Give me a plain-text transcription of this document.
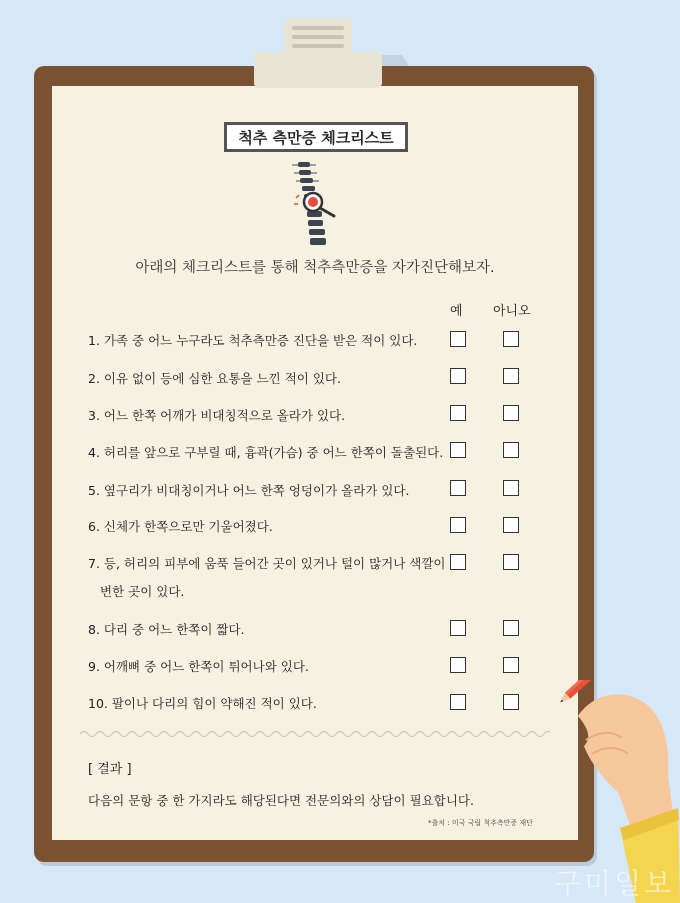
척추 측만증 체크리스트
아래의 체크리스트를 통해 척추측만증을 자가진단해보자.
예 아니오
1. 가족 중 어느 누구라도 척추측만증 진단을 받은 적이 있다.
2. 이유 없이 등에 심한 요통을 느낀 적이 있다.
3. 어느 한쪽 어깨가 비대칭적으로 올라가 있다.
4. 허리를 앞으로 구부릴 때, 흉곽(가슴) 중 어느 한쪽이 돌출된다.
5. 옆구리가 비대칭이거나 어느 한쪽 엉덩이가 올라가 있다.
6. 신체가 한쪽으로만 기울어졌다.
7. 등, 허리의 피부에 움푹 들어간 곳이 있거나 털이 많거나 색깔이
변한 곳이 있다.
8. 다리 중 어느 한쪽이 짧다.
9. 어깨뼈 중 어느 한쪽이 튀어나와 있다.
10. 팔이나 다리의 힘이 약해진 적이 있다.
[ 결과 ]
다음의 문항 중 한 가지라도 해당된다면 전문의와의 상담이 필요합니다.
*출처 : 미국 국립 척추측만증 재단
구미일보
